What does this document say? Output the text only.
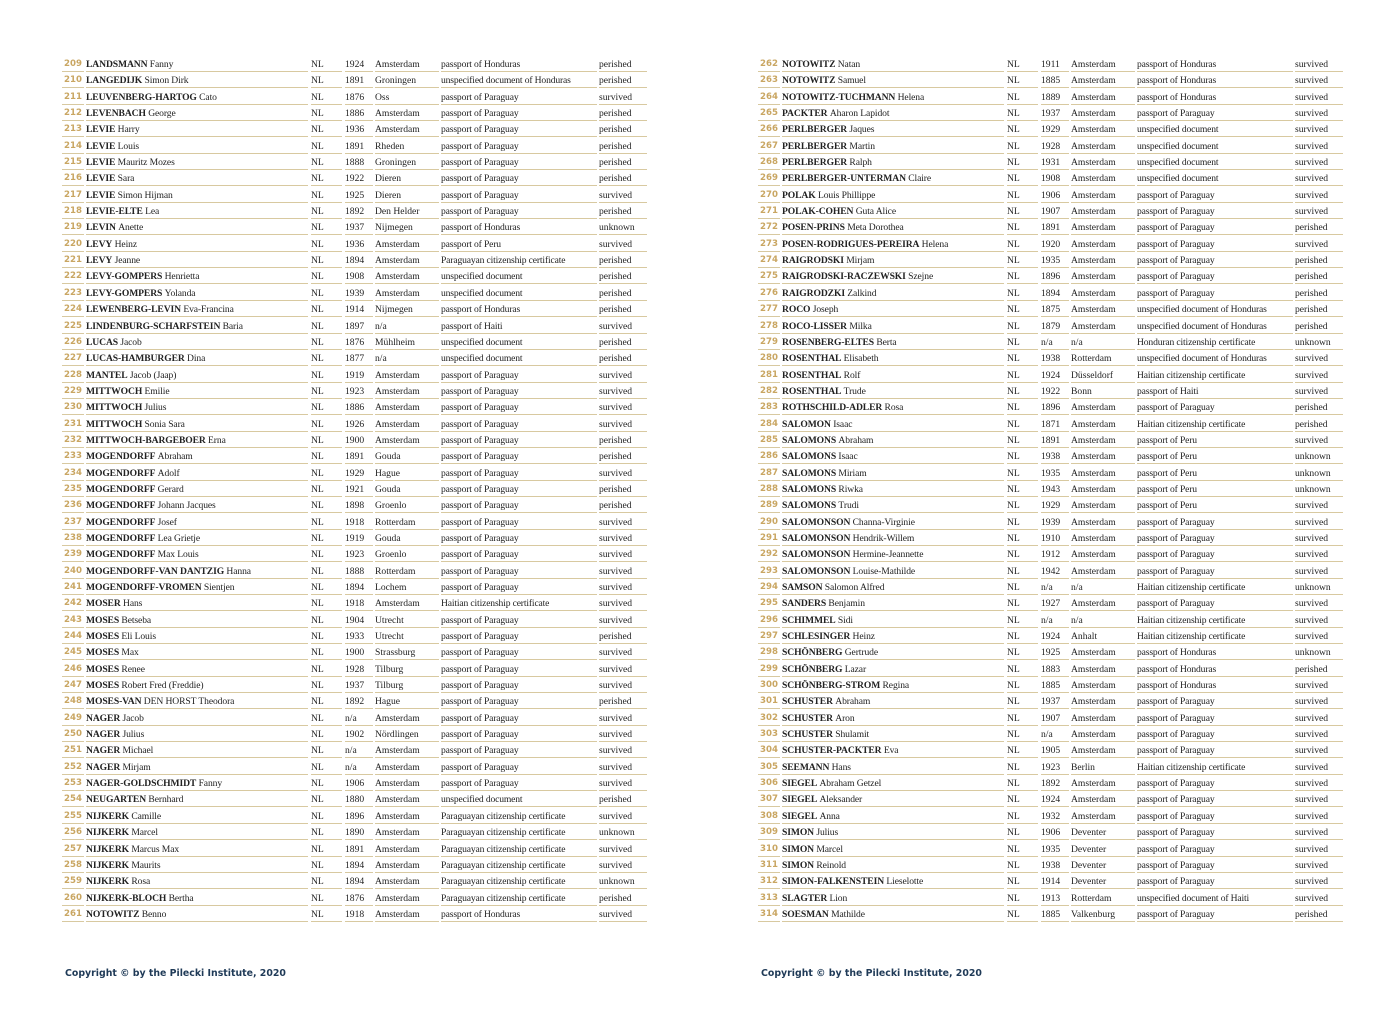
209 LANDSMANN Fanny	NL	1924	Amsterdam	passport of Honduras	perished
210 LANGEDIJK Simon Dirk	NL	1891	Groningen	unspecified document of Honduras	perished
211 LEUVENBERG-HARTOG Cato	NL	1876	Oss	passport of Paraguay	survived
212 LEVENBACH George	NL	1886	Amsterdam	passport of Paraguay	perished
213 LEVIE Harry	NL	1936	Amsterdam	passport of Paraguay	perished
214 LEVIE Louis	NL	1891	Rheden	passport of Paraguay	perished
215 LEVIE Mauritz Mozes	NL	1888	Groningen	passport of Paraguay	perished
216 LEVIE Sara	NL	1922	Dieren	passport of Paraguay	perished
217 LEVIE Simon Hijman	NL	1925	Dieren	passport of Paraguay	survived
218 LEVIE-ELTE Lea	NL	1892	Den Helder	passport of Paraguay	perished
219 LEVIN Anette	NL	1937	Nijmegen	passport of Honduras	unknown
220 LEVY Heinz	NL	1936	Amsterdam	passport of Peru	survived
221 LEVY Jeanne	NL	1894	Amsterdam	Paraguayan citizenship certificate	perished
222 LEVY-GOMPERS Henrietta	NL	1908	Amsterdam	unspecified document	perished
223 LEVY-GOMPERS Yolanda	NL	1939	Amsterdam	unspecified document	perished
224 LEWENBERG-LEVIN Eva-Francina	NL	1914	Nijmegen	passport of Honduras	perished
225 LINDENBURG-SCHARFSTEIN Baria	NL	1897	n/a	passport of Haiti	survived
226 LUCAS Jacob	NL	1876	Mühlheim	unspecified document	perished
227 LUCAS-HAMBURGER Dina	NL	1877	n/a	unspecified document	perished
228 MANTEL Jacob (Jaap)	NL	1919	Amsterdam	passport of Paraguay	survived
229 MITTWOCH Emilie	NL	1923	Amsterdam	passport of Paraguay	survived
230 MITTWOCH Julius	NL	1886	Amsterdam	passport of Paraguay	survived
231 MITTWOCH Sonia Sara	NL	1926	Amsterdam	passport of Paraguay	survived
232 MITTWOCH-BARGEBOER Erna	NL	1900	Amsterdam	passport of Paraguay	perished
233 MOGENDORFF Abraham	NL	1891	Gouda	passport of Paraguay	perished
234 MOGENDORFF Adolf	NL	1929	Hague	passport of Paraguay	survived
235 MOGENDORFF Gerard	NL	1921	Gouda	passport of Paraguay	perished
236 MOGENDORFF Johann Jacques	NL	1898	Groenlo	passport of Paraguay	perished
237 MOGENDORFF Josef	NL	1918	Rotterdam	passport of Paraguay	survived
238 MOGENDORFF Lea Grietje	NL	1919	Gouda	passport of Paraguay	survived
239 MOGENDORFF Max Louis	NL	1923	Groenlo	passport of Paraguay	survived
240 MOGENDORFF-VAN DANTZIG Hanna	NL	1888	Rotterdam	passport of Paraguay	survived
241 MOGENDORFF-VROMEN Sientjen	NL	1894	Lochem	passport of Paraguay	survived
242 MOSER Hans	NL	1918	Amsterdam	Haitian citizenship certificate	survived
243 MOSES Betseba	NL	1904	Utrecht	passport of Paraguay	survived
244 MOSES Eli Louis	NL	1933	Utrecht	passport of Paraguay	perished
245 MOSES Max	NL	1900	Strassburg	passport of Paraguay	survived
246 MOSES Renee	NL	1928	Tilburg	passport of Paraguay	survived
247 MOSES Robert Fred (Freddie)	NL	1937	Tilburg	passport of Paraguay	survived
248 MOSES-VAN DEN HORST Theodora	NL	1892	Hague	passport of Paraguay	perished
249 NAGER Jacob	NL	n/a	Amsterdam	passport of Paraguay	survived
250 NAGER Julius	NL	1902	Nördlingen	passport of Paraguay	survived
251 NAGER Michael	NL	n/a	Amsterdam	passport of Paraguay	survived
252 NAGER Mirjam	NL	n/a	Amsterdam	passport of Paraguay	survived
253 NAGER-GOLDSCHMIDT Fanny	NL	1906	Amsterdam	passport of Paraguay	survived
254 NEUGARTEN Bernhard	NL	1880	Amsterdam	unspecified document	perished
255 NIJKERK Camille	NL	1896	Amsterdam	Paraguayan citizenship certificate	survived
256 NIJKERK Marcel	NL	1890	Amsterdam	Paraguayan citizenship certificate	unknown
257 NIJKERK Marcus Max	NL	1891	Amsterdam	Paraguayan citizenship certificate	survived
258 NIJKERK Maurits	NL	1894	Amsterdam	Paraguayan citizenship certificate	survived
259 NIJKERK Rosa	NL	1894	Amsterdam	Paraguayan citizenship certificate	unknown
260 NIJKERK-BLOCH Bertha	NL	1876	Amsterdam	Paraguayan citizenship certificate	perished
261 NOTOWITZ Benno	NL	1918	Amsterdam	passport of Honduras	survived
262 NOTOWITZ Natan	NL	1911	Amsterdam	passport of Honduras	survived
263 NOTOWITZ Samuel	NL	1885	Amsterdam	passport of Honduras	survived
264 NOTOWITZ-TUCHMANN Helena	NL	1889	Amsterdam	passport of Honduras	survived
265 PACKTER Aharon Lapidot	NL	1937	Amsterdam	passport of Paraguay	survived
266 PERLBERGER Jaques	NL	1929	Amsterdam	unspecified document	survived
267 PERLBERGER Martin	NL	1928	Amsterdam	unspecified document	survived
268 PERLBERGER Ralph	NL	1931	Amsterdam	unspecified document	survived
269 PERLBERGER-UNTERMAN Claire	NL	1908	Amsterdam	unspecified document	survived
270 POLAK Louis Phillippe	NL	1906	Amsterdam	passport of Paraguay	survived
271 POLAK-COHEN Guta Alice	NL	1907	Amsterdam	passport of Paraguay	survived
272 POSEN-PRINS Meta Dorothea	NL	1891	Amsterdam	passport of Paraguay	perished
273 POSEN-RODRIGUES-PEREIRA Helena	NL	1920	Amsterdam	passport of Paraguay	survived
274 RAIGRODSKI Mirjam	NL	1935	Amsterdam	passport of Paraguay	perished
275 RAIGRODSKI-RACZEWSKI Szejne	NL	1896	Amsterdam	passport of Paraguay	perished
276 RAIGRODZKI Zalkind	NL	1894	Amsterdam	passport of Paraguay	perished
277 ROCO Joseph	NL	1875	Amsterdam	unspecified document of Honduras	perished
278 ROCO-LISSER Milka	NL	1879	Amsterdam	unspecified document of Honduras	perished
279 ROSENBERG-ELTES Berta	NL	n/a	n/a	Honduran citizenship certificate	unknown
280 ROSENTHAL Elisabeth	NL	1938	Rotterdam	unspecified document of Honduras	survived
281 ROSENTHAL Rolf	NL	1924	Düsseldorf	Haitian citizenship certificate	survived
282 ROSENTHAL Trude	NL	1922	Bonn	passport of Haiti	survived
283 ROTHSCHILD-ADLER Rosa	NL	1896	Amsterdam	passport of Paraguay	perished
284 SALOMON Isaac	NL	1871	Amsterdam	Haitian citizenship certificate	perished
285 SALOMONS Abraham	NL	1891	Amsterdam	passport of Peru	survived
286 SALOMONS Isaac	NL	1938	Amsterdam	passport of Peru	unknown
287 SALOMONS Miriam	NL	1935	Amsterdam	passport of Peru	unknown
288 SALOMONS Riwka	NL	1943	Amsterdam	passport of Peru	unknown
289 SALOMONS Trudi	NL	1929	Amsterdam	passport of Peru	survived
290 SALOMONSON Channa-Virginie	NL	1939	Amsterdam	passport of Paraguay	survived
291 SALOMONSON Hendrik-Willem	NL	1910	Amsterdam	passport of Paraguay	survived
292 SALOMONSON Hermine-Jeannette	NL	1912	Amsterdam	passport of Paraguay	survived
293 SALOMONSON Louise-Mathilde	NL	1942	Amsterdam	passport of Paraguay	survived
294 SAMSON Salomon Alfred	NL	n/a	n/a	Haitian citizenship certificate	unknown
295 SANDERS Benjamin	NL	1927	Amsterdam	passport of Paraguay	survived
296 SCHIMMEL Sidi	NL	n/a	n/a	Haitian citizenship certificate	survived
297 SCHLESINGER Heinz	NL	1924	Anhalt	Haitian citizenship certificate	survived
298 SCHÖNBERG Gertrude	NL	1925	Amsterdam	passport of Honduras	unknown
299 SCHÖNBERG Lazar	NL	1883	Amsterdam	passport of Honduras	perished
300 SCHÖNBERG-STROM Regina	NL	1885	Amsterdam	passport of Honduras	survived
301 SCHUSTER Abraham	NL	1937	Amsterdam	passport of Paraguay	survived
302 SCHUSTER Aron	NL	1907	Amsterdam	passport of Paraguay	survived
303 SCHUSTER Shulamit	NL	n/a	Amsterdam	passport of Paraguay	survived
304 SCHUSTER-PACKTER Eva	NL	1905	Amsterdam	passport of Paraguay	survived
305 SEEMANN Hans	NL	1923	Berlin	Haitian citizenship certificate	survived
306 SIEGEL Abraham Getzel	NL	1892	Amsterdam	passport of Paraguay	survived
307 SIEGEL Aleksander	NL	1924	Amsterdam	passport of Paraguay	survived
308 SIEGEL Anna	NL	1932	Amsterdam	passport of Paraguay	survived
309 SIMON Julius	NL	1906	Deventer	passport of Paraguay	survived
310 SIMON Marcel	NL	1935	Deventer	passport of Paraguay	survived
311 SIMON Reinold	NL	1938	Deventer	passport of Paraguay	survived
312 SIMON-FALKENSTEIN Lieselotte	NL	1914	Deventer	passport of Paraguay	survived
313 SLAGTER Lion	NL	1913	Rotterdam	unspecified document of Haiti	survived
314 SOESMAN Mathilde	NL	1885	Valkenburg	passport of Paraguay	perished
Copyright © by the Pilecki Institute, 2020	Copyright © by the Pilecki Institute, 2020
